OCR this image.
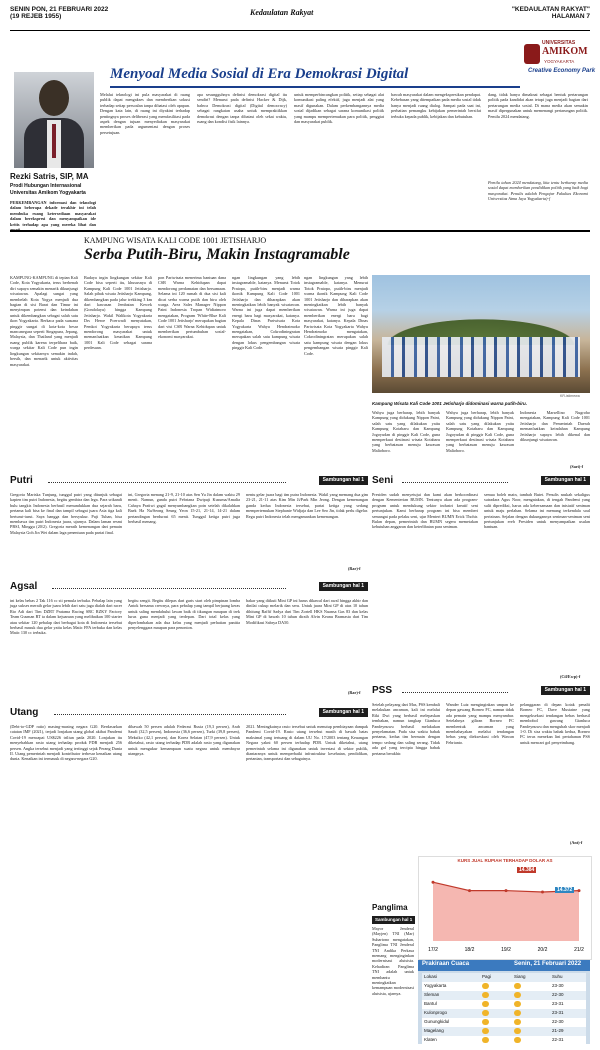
SENIN PON, 21 FEBRUARI 2022
(19 REJEB 1955)	Kedaulatan Rakyat	"KEDAULATAN RAKYAT"
HALAMAN 7
Menyoal Media Sosial di Era Demokrasi Digital
UNIVERSITAS
AMIKOM
YOGYAKARTA
Creative Economy Park
Rezki Satris, SIP, MA
Prodi Hubungan Internasional Universitas Amikom Yogyakarta
PERKEMBANGAN informasi dan teknologi dalam beberapa dekade terakhir ini telah membuka ruang ketersediaan masyarakat dalam berekspresi dan menyampaikan ide kritis terhadap apa yang mereka lihat dan
Melalui teknologi ini pula masyarakat di ruang publik dapat mengakses dan memberikan sokusi terhadap setiap persoalan tanpa dibatasi oleh apapun. Dengan kata lain, di ruang ini diyakini terhadap pentingnya proses deliberasi yang memfasilitasi pada aspek dengan tujuan menyediakan masyarakat memberikan pada argumentasi dengan proses persetujuan.
apa sesungguhnya definisi demokrasi digital itu sendiri? Menurut pada definisi Hacker & Dijk, bahwa Demokrasi digital (Digital democracy) sebagai rangkaian usaha untuk mempraktikkan demokrasi dengan tanpa dibatasi oleh sekat waktu, ruang dan kondisi fisik lainnya.
untuk memperbincangkan politik, setiap sebagai alat komunikasi paling efektif, juga menjadi alat yang masif digunakan. Dalam perkembangannya media sosial dijadikan sebagai sarana komunikasi politik yang mampu mempertemukan para politik, penggiat dan masyarakat publik.
bawah masyarakat dalam mengekspresikan pendapat. Kebebasan yang ditempatkan pada media sosial tidak hanya menjadi ruang dialog. Sampai pada saat ini, perhatian pemangku kebijakan pemerintah bersifat terbuka kepada publik, kebijakan dan kebutuhan.
dang, tidak hanya dimaknai sebagai bentuk pertarungan politik pada kandidat akan tetapi juga menjadi bagian dari pertarungan media sosial. Di mana media akan semakin masif dipergunakan untuk memenangi pertarungan politik. Pemilu 2024 mendatang.
Pemilu tahun 2024 mendatang, kita tentu berharap media sosial dapat memberikan pendidikan politik yang baik bagi masyarakat. Penulis adalah Pengajar Fakultas Ekonomi Universitas Atma Jaya Yogyakarta)-f
KAMPUNG WISATA KALI CODE 1001 JETISHARJO
Serba Putih-Biru, Makin Instagramable
KAMPUNG-KAMPUNG di tepian Kali Code, Kota Yogyakarta, terus berbenah diri supaya semakin menarik dikunjungi wisatawan. Apalagi sungai yang membelah Kota Yogya menjadi dua bagian di sisi Barat dan Timur ini menyimpan potensi dan keindahan untuk dikembangkan sebagai salah satu ikon Yogyakarta. Berkaca pada suasana pinggir sungai di kota-kota besar mancanegara seperti Singapura, Jepang, Malaysia, dan Thailand yang menjadi ruang publik karena terpelihara baik, warga sekitar Kali Code pun ingin lingkungan sekitarnya semakin indah, bersih, dan menarik untuk aktivitas masyarakat.
Budaya ingin lingkungan sekitar Kali Code bisa seperti itu, khususnya di Kampung Kali Code 1001 Jetisharjo. Salah pihak wisata Jetisharjo Kampung, dikembangkan pada jalur trekking 3 km dari kawasan Jembatan Kewek (Gondolayu) hingga Kampung Jetisharjo. Wakil Walikota Yogyakarta Drs Heroe Poerwadi menyatakan, Pemkot Yogyakarta berupaya terus mendorong masyarakat untuk memanfaatkan keunikan Kampung 1001 Kali Code sebagai sarana perdesaan.
pon Pariwisata menerima bantuan dana CSR Warna Kehidupan dapat mendorong perdamaian dan bersamaan. Selama ini 120 rumah di dua sisi kali dicat serba warna putih dan biru oleh warga. Area Sales Manager Nippon Paint Indonesia Tropan Widiatmoro mengatakan, Program 'White-Blue Kali Code 1001 Jetisharjo' merupakan bagian dari visi CSR Warna Kehidupan untuk memberikan pertumbuhan sosial-ekonomi masyarakat.
ngan lingkungan yang lebih instagramable, katanya. Menurut Totok Pratopo, putih-biru menjadi warna ikonik Kampung Kali Code 1001 Jetisharjo dan diharapkan akan meningkatkan lebih banyak wisatawan. Warna ini juga dapat memberikan energi baru bagi masyarakat, katanya. Kepala Dinas Pariwisata Kota Yogyakarta Wahyu Hendratmoko mengatakan, Cokrodiningratan merupakan salah satu kampung wisata dengan lokus pengembangan wisata pinggir Kali Code.
ngan lingkungan yang lebih instagramable, katanya. Menurut Totok Pratopo, putih-biru menjadi warna ikonik Kampung Kali Code 1001 Jetisharjo dan diharapkan akan meningkatkan lebih banyak wisatawan. Warna ini juga dapat memberikan energi baru bagi masyarakat, katanya. Kepala Dinas Pariwisata Kota Yogyakarta Wahyu Hendratmoko mengatakan, Cokrodiningratan merupakan salah satu kampung wisata dengan lokus pengembangan wisata pinggir Kali Code.
KR-istimewa
Kampung Wisata Kali Code 1001 Jetisharjo didominasi warna putih-biru.
Wahyu juga berharap, lebih banyak Kampung yang didukung Nippon Paint, salah satu yang dilakukan yaitu Kampung Kotabaru dan Kampung Jogoyudan di pinggir Kali Code, guna memperkuat destinasi wisata Kotabaru yang berbatasan menuju kawasan Malioboro.
Wahyu juga berharap, lebih banyak Kampung yang didukung Nippon Paint, salah satu yang dilakukan yaitu Kampung Kotabaru dan Kampung Jogoyudan di pinggir Kali Code, guna memperkuat destinasi wisata Kotabaru yang berbatasan menuju kawasan Malioboro.
Indonesia Marsellino Nugroho mengatakan, Kampung Kali Code 1001 Jetisharjo dan Pemerintah Daerah memanfaatkan keindahan Kampung Jetisharjo supaya lebih dikenal dan dikunjungi wisatawan.
(Sari)-f
Putri	Sambungan hal 1
Gregoria Mariska Tunjung, tunggal putri yang ditunjuk sebagai kapten tim putri Indonesia, begitu gembira dan lega. Para srikandi bulu tangkis Indonesia berhasil menundukkan dua sejarah baru, pertama kali bisa ke final dan tampil sebagai juara Asia tiga kali berturut-turut. Saya bangga dan bersyukur. Puji Tuhan, bisa membawa tim putri Indonesia juara, ujarnya. Dalam laman resmi PBSI, Minggu (20/2). Gregoria meraih kemenangan dari pemain Malaysia Goh Jin Wei dalam laga penentuan pada partai final.
ini, Gregoria menang 21-9, 21-10 atas Sen Yu Jin dalam waktu 29 menit. Namun, ganda putri Febriana Dwipuji Kusuma/Amalia Cahaya Pratiwi gagal menyumbangkan poin setelah dikalahkan Baek Ha Na/Seong Seung Yeon 15-21, 21-14, 14-21 dalam pertandingan berdurasi 65 menit. Tunggal ketiga putri juga berhasil menang.
nentu gelar juara bagi tim putra Indonesia. Wakil yang memang dua gim 23-21, 21-11 atas Kim Min Ji/Park Min Jeong. Dengan kemenangan ganda kedua Indonesia tersebut, partai ketiga yang sedang mempertemukan Stephanie Widjaja dan Lee Seo Jin, tidak perlu digelar. Regu putri Indonesia telah mengamankan kemenangan.
(Rar)-f
Agsal	Sambungan hal 1
ini kelas bebas 2 Tak 116 cc sti pemula terbuka. Pebalap lain yang juga sukses meraih gelar juara lebih dari satu juga dialah dari racer Rio Adi dari Tim DZRT Pratama Racing SRC RZKY Factory Team Gusman RT ta dalam kejuaraan yang melibatkan 100 starter atau sekitar 120 pebalap dari berbagai kota di Indonesia tersebut berhasil masuk dua gelar yaitu kelas Matic FFA terbuka dan kelas Matic 130 cc terbuka.
begitu sengit. Begitu dilepas dari garis start oleh pimpinan lomba Antok bersama crewnya, para pebalap yang tampil berjuang keras untuk saling mendahului lawan baik di tikungan maupun di trek lurus guna menjadi yang terdepan. Dari total kelas yang diperlombakan ada dua kelas yang menjadi perhatian panitia penyelenggara maupun para penonton.
bakar yang diikuti Mini GP ini harus dikawal dari awal hingga akhir dan dinilai cukup melarik dan seru. Untuk juara Mini GP di atas 10 tahun dihitung Raffif Sadya dari Tim Zortell HKS Nuansa Gas 83 dan kelas Mini GP di bawah 10 tahun diraih Alvin Keanu Bramasta dari Tim Modifikasi Sabrya DA50.
(Rar)-f
Utang	Sambungan hal 1
(Debt-to-GDP ratio) masing-masing negara G20. Berdasarkan catatan IMF (2021), terjadi lonjakan utang global akibat Pandemi Covid-19 mencapai US$226 triliun pada 2020. Lonjakan itu menyebabkan rasio utang terhadap produk PDB menjadi 256 persen. Angka tersebut menjadi yang tertinggi sejak Perang Dunia II. Utang pemerintah menjadi kontributor terbesar kenaikan utang dunia. Kenaikan ini termasuk di negara-negara G20.
dibawah 50 persen adalah Federasi Rusia (19,3 persen), Arab Saudi (32,5 persen), Indonesia (36,6 persen), Turki (39,8 persen), Meksiko (42,1 persen), dan Korea Selatan (47,9 persen). Untuk diketahui, rasio utang terhadap PDB adalah rasio yang digunakan untuk mengukur kemampuan suatu negara untuk membayar utangnya.
2021. Meningkatnya rasio tersebut untuk menutup pembiayaan dampak Pandemi Covid-19. Rasio utang tersebut masih di bawah batas maksimal yang tertuang di dalam UU No. 17/2003 tentang Keuangan Negara yakni 60 persen terhadap PDB. Untuk diketahui, utang pemerintah selama ini digunakan untuk investasi di sektor publik, diantaranya untuk memperbaiki infrastruktur kesehatan, pendidikan, pertanian, transportasi dan sebagainya.
Seni	Sambungan hal 1
Presiden sudah menyetujui dan kami akan berkoordinasi dengan Kementerian BUMN. Tentunya akan ada program-program untuk mendukung sektor industri kreatif seni pertunjukan. Kami berharap program ini bisa memberi semangat pada pelaku seni, ujar Menteri BUMN Erick Thohir. Bulan depan, pemerintah dan BUMN segera memetakan kebutuhan anggaran dan keterlibatan para seniman.
semua boleh main, tambah Butet. Penulis naskah sekaligus sutradara Agus Noor, mengatakan, di tengah Pandemi yang sulit diprediksi, harus ada kebersamaan dan inisiatif seniman untuk maju perlahan. Selama ini memang terkendala soal perizinan. Sejalan dengan dukungannya seniman-seniman seni pertunjukan ereh Presiden untuk menyampaikan usulan bantuan.
(Cil/Ewp)-f
PSS	Sambungan hal 1
Setelah pelayang dari Mas, PSS kembali melakukan ancaman, kali ini melalui Riki Dwi yang berhasil melepaskan tembakan, namun tangkap Gianluca Pandeynuwu berhasil melakukan penyelamatan. Pada sisa waktu babak pertama, kedua tim bermain dengan tempo sedang dan saling serang. Tidak ada gol yang tercipta hingga babak pertama berakhir.
Wander Luiz menginginkan umpan ke depan gawang Borneo FC, namun tidak ada pemain yang mampu menyambar. Setelahnya giliran Borneo FC membentuk ancaman yang membahayakan melalui tendangan bebas yang diekseskusi oleh Wawan Febrianto.
pelanggaran di depan kotak penalti Borneo FC, Dave Mustaine yang mengeksekusi tendangan bebas berhasil membobol gawang Gianluca Pandeynuwu dan mengubah skor menjadi 1-0. Di sisa waktu babak kedua, Borneo FC terus menekan lini pertahanan PSS untuk mencari gol penyeimbang.
(Ant)-f
Panglima
Sambungan hal 1
Mayor Jenderal (Mayjen) TNI (Mar) Suhartono mengatakan, Panglima TNI Jenderal TNI Andika Perkasa memang menginginkan modernisasi alutsista. Kehadiran Panglima TNI adalah untuk membantu meningkatkan kemampuan modernisasi alutsista, ujarnya.
KURS JUAL RUPIAH TERHADAP DOLAR AS
17/2	18/2	19/2	20/2	21/2
14.384
14.372
Prakiraan Cuaca	Senin, 21 Februari 2022
Lokasi	Pagi	Siang	Suhu
Yogyakarta	23-30
Sleman	22-30
Bantul	23-31
Kulonprogo	23-31
Gunungkidul	22-30
Magelang	21-29
Klaten	22-31
